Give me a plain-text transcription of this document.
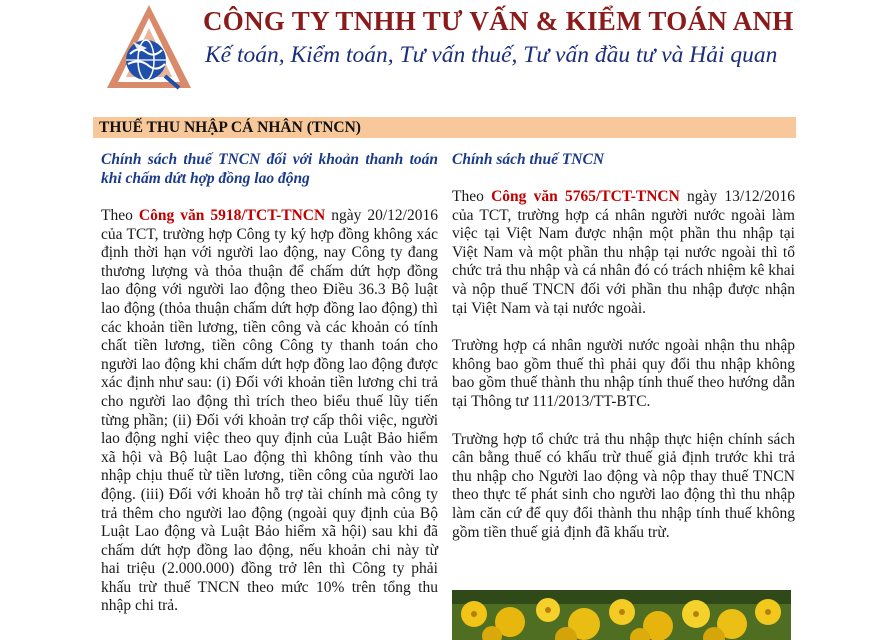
CÔNG TY TNHH TƯ VẤN & KIỂM TOÁN ANH

Kế toán, Kiểm toán, Tư vấn thuế, Tư vấn đầu tư và Hải quan

THUẾ THU NHẬP CÁ NHÂN (TNCN)
Chính sách thuế TNCN đối với khoản thanh toán khi chấm dứt hợp đồng lao động

Theo Công văn 5918/TCT-TNCN ngày 20/12/2016 của TCT, trường hợp Công ty ký hợp đồng không xác định thời hạn với người lao động, nay Công ty đang thương lượng và thỏa thuận để chấm dứt hợp đồng lao động với người lao động theo Điều 36.3 Bộ luật lao động (thỏa thuận chấm dứt hợp đồng lao động) thì các khoản tiền lương, tiền công và các khoản có tính chất tiền lương, tiền công Công ty thanh toán cho người lao động khi chấm dứt hợp đồng lao động được xác định như sau: (i) Đối với khoản tiền lương chi trả cho người lao động thì trích theo biểu thuế lũy tiến từng phần; (ii) Đối với khoản trợ cấp thôi việc, người lao động nghỉ việc theo quy định của Luật Bảo hiểm xã hội và Bộ luật Lao động thì không tính vào thu nhập chịu thuế từ tiền lương, tiền công của người lao động. (iii) Đối với khoản hỗ trợ tài chính mà công ty trả thêm cho người lao động (ngoài quy định của Bộ Luật Lao động và Luật Bảo hiểm xã hội) sau khi đã chấm dứt hợp đồng lao động, nếu khoản chi này từ hai triệu (2.000.000) đồng trở lên thì Công ty phải khấu trừ thuế TNCN theo mức 10% trên tổng thu nhập chi trả.

Chính sách thuế TNCN

Theo Công văn 5765/TCT-TNCN ngày 13/12/2016 của TCT, trường hợp cá nhân người nước ngoài làm việc tại Việt Nam được nhận một phần thu nhập tại Việt Nam và một phần thu nhập tại nước ngoài thì tổ chức trả thu nhập và cá nhân đó có trách nhiệm kê khai và nộp thuế TNCN đối với phần thu nhập được nhận tại Việt Nam và tại nước ngoài.

Trường hợp cá nhân người nước ngoài nhận thu nhập không bao gồm thuế thì phải quy đổi thu nhập không bao gồm thuế thành thu nhập tính thuế theo hướng dẫn tại Thông tư 111/2013/TT-BTC.

Trường hợp tổ chức trả thu nhập thực hiện chính sách cân bằng thuế có khấu trừ thuế giả định trước khi trả thu nhập cho Người lao động và nộp thay thuế TNCN theo thực tế phát sinh cho người lao động thì thu nhập làm căn cứ để quy đổi thành thu nhập tính thuế không gồm tiền thuế giả định đã khấu trừ.
